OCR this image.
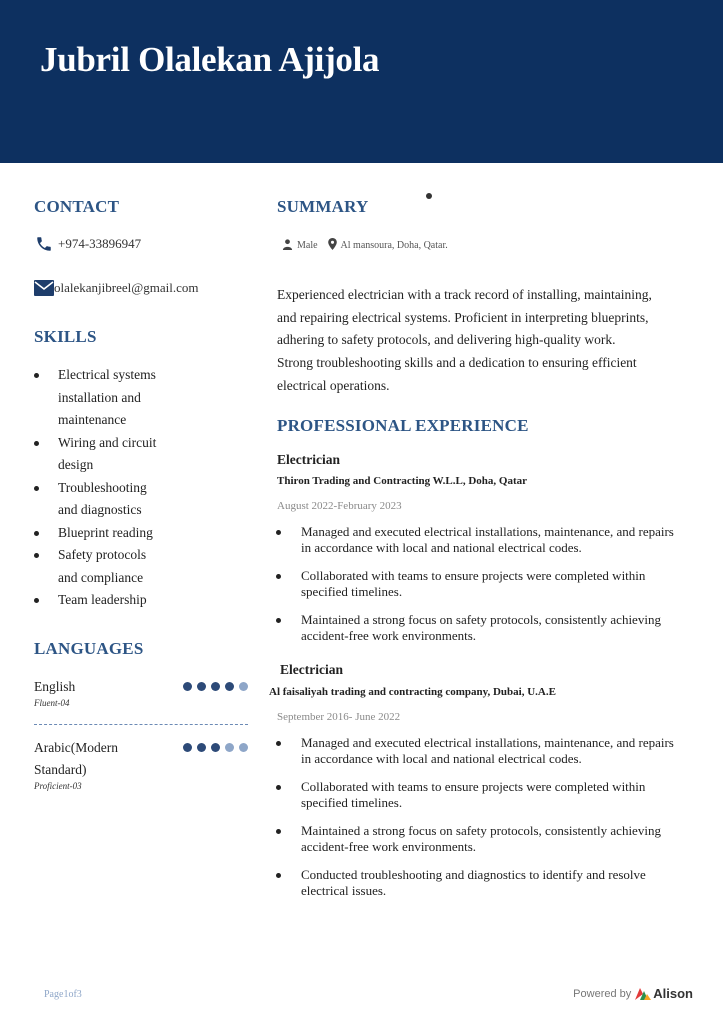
Jubril Olalekan Ajijola
CONTACT
+974-33896947
olalekanjibreel@gmail.com
SKILLS
Electrical systems
installation and
maintenance
Wiring and circuit
design
Troubleshooting
and diagnostics
Blueprint reading
Safety protocols
and compliance
Team leadership
LANGUAGES
English
Fluent-04
Arabic(Modern
Standard)
Proficient-03
SUMMARY
Male Al mansoura, Doha, Qatar.
Experienced electrician with a track record of installing, maintaining,
and repairing electrical systems. Proficient in interpreting blueprints,
adhering to safety protocols, and delivering high-quality work.
Strong troubleshooting skills and a dedication to ensuring efficient
electrical operations.
PROFESSIONAL EXPERIENCE
Electrician
Thiron Trading and Contracting W.L.L, Doha, Qatar
August 2022-February 2023
Managed and executed electrical installations, maintenance, and repairs
in accordance with local and national electrical codes.
Collaborated with teams to ensure projects were completed within
specified timelines.
Maintained a strong focus on safety protocols, consistently achieving
accident-free work environments.
Electrician
Al faisaliyah trading and contracting company, Dubai, U.A.E
September 2016- June 2022
Managed and executed electrical installations, maintenance, and repairs
in accordance with local and national electrical codes.
Collaborated with teams to ensure projects were completed within
specified timelines.
Maintained a strong focus on safety protocols, consistently achieving
accident-free work environments.
Conducted troubleshooting and diagnostics to identify and resolve
electrical issues.
Page1of3	Powered by Alison
